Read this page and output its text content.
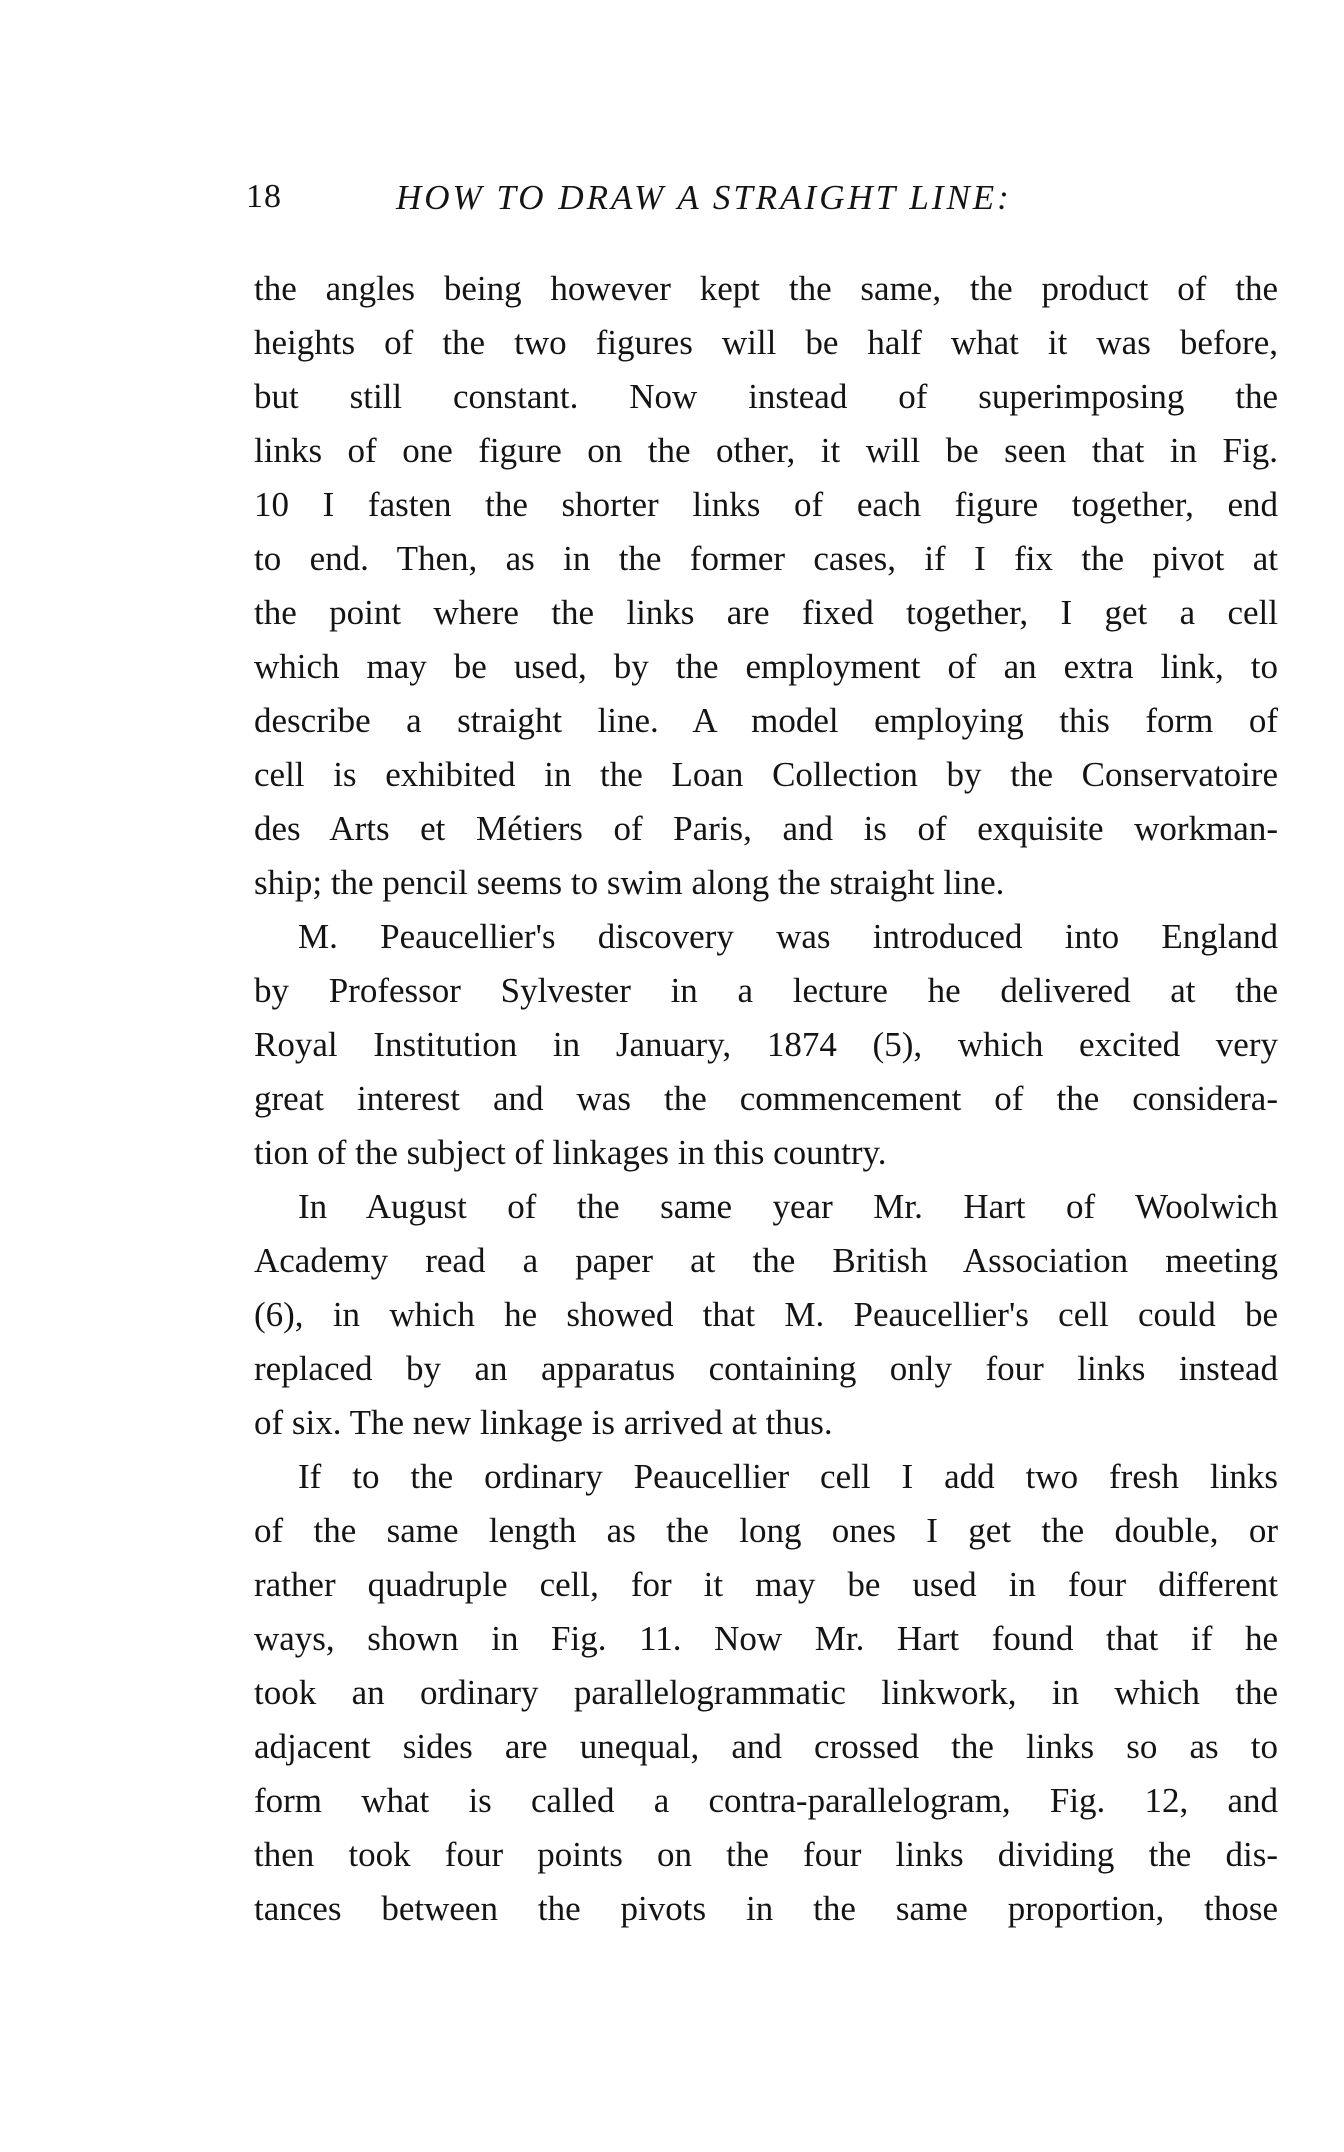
18	HOW TO DRAW A STRAIGHT LINE:
the angles being however kept the same, the product of the
heights of the two figures will be half what it was before,
but still constant. Now instead of superimposing the
links of one figure on the other, it will be seen that in Fig.
10 I fasten the shorter links of each figure together, end
to end. Then, as in the former cases, if I fix the pivot at
the point where the links are fixed together, I get a cell
which may be used, by the employment of an extra link, to
describe a straight line. A model employing this form of
cell is exhibited in the Loan Collection by the Conservatoire
des Arts et Métiers of Paris, and is of exquisite workman-
ship; the pencil seems to swim along the straight line.
M. Peaucellier's discovery was introduced into England
by Professor Sylvester in a lecture he delivered at the
Royal Institution in January, 1874 (5), which excited very
great interest and was the commencement of the considera-
tion of the subject of linkages in this country.
In August of the same year Mr. Hart of Woolwich
Academy read a paper at the British Association meeting
(6), in which he showed that M. Peaucellier's cell could be
replaced by an apparatus containing only four links instead
of six. The new linkage is arrived at thus.
If to the ordinary Peaucellier cell I add two fresh links
of the same length as the long ones I get the double, or
rather quadruple cell, for it may be used in four different
ways, shown in Fig. 11. Now Mr. Hart found that if he
took an ordinary parallelogrammatic linkwork, in which the
adjacent sides are unequal, and crossed the links so as to
form what is called a contra-parallelogram, Fig. 12, and
then took four points on the four links dividing the dis-
tances between the pivots in the same proportion, those
